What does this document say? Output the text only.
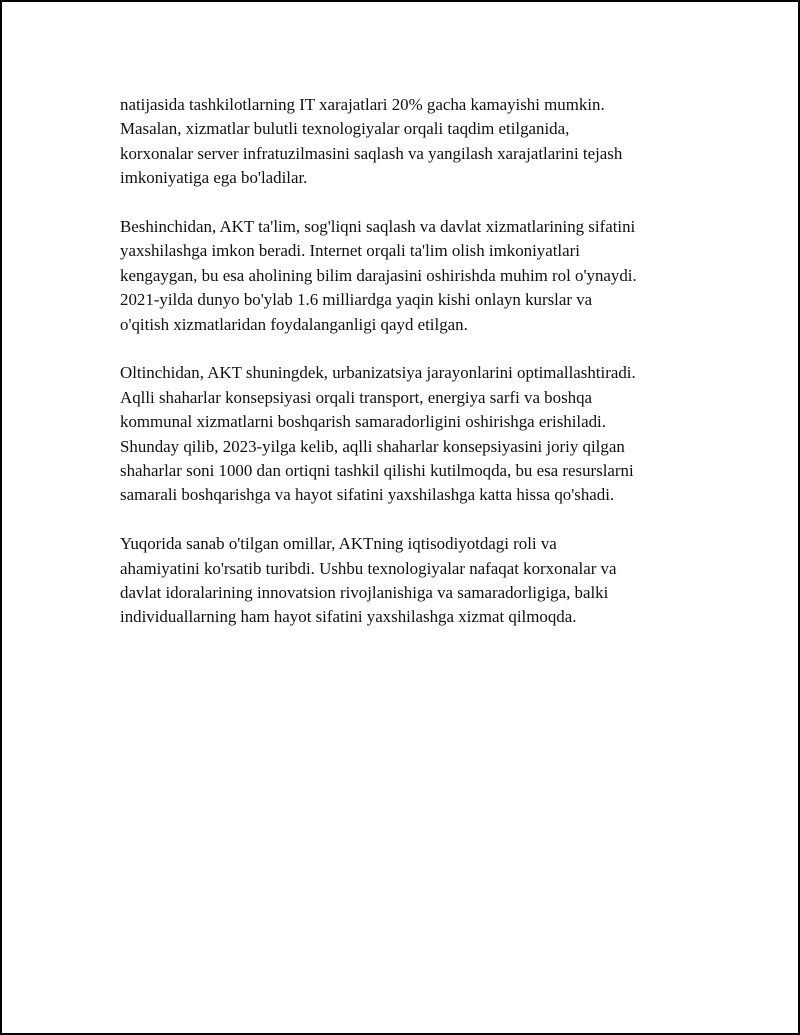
natijasida tashkilotlarning IT xarajatlari 20% gacha kamayishi mumkin.
Masalan, xizmatlar bulutli texnologiyalar orqali taqdim etilganida,
korxonalar server infratuzilmasini saqlash va yangilash xarajatlarini tejash
imkoniyatiga ega bo'ladilar.

Beshinchidan, AKT ta'lim, sog'liqni saqlash va davlat xizmatlarining sifatini
yaxshilashga imkon beradi. Internet orqali ta'lim olish imkoniyatlari
kengaygan, bu esa aholining bilim darajasini oshirishda muhim rol o'ynaydi.
2021-yilda dunyo bo'ylab 1.6 milliardga yaqin kishi onlayn kurslar va
o'qitish xizmatlaridan foydalanganligi qayd etilgan.

Oltinchidan, AKT shuningdek, urbanizatsiya jarayonlarini optimallashtiradi.
Aqlli shaharlar konsepsiyasi orqali transport, energiya sarfi va boshqa
kommunal xizmatlarni boshqarish samaradorligini oshirishga erishiladi.
Shunday qilib, 2023-yilga kelib, aqlli shaharlar konsepsiyasini joriy qilgan
shaharlar soni 1000 dan ortiqni tashkil qilishi kutilmoqda, bu esa resurslarni
samarali boshqarishga va hayot sifatini yaxshilashga katta hissa qo'shadi.

Yuqorida sanab o'tilgan omillar, AKTning iqtisodiyotdagi roli va
ahamiyatini ko'rsatib turibdi. Ushbu texnologiyalar nafaqat korxonalar va
davlat idoralarining innovatsion rivojlanishiga va samaradorligiga, balki
individuallarning ham hayot sifatini yaxshilashga xizmat qilmoqda.
